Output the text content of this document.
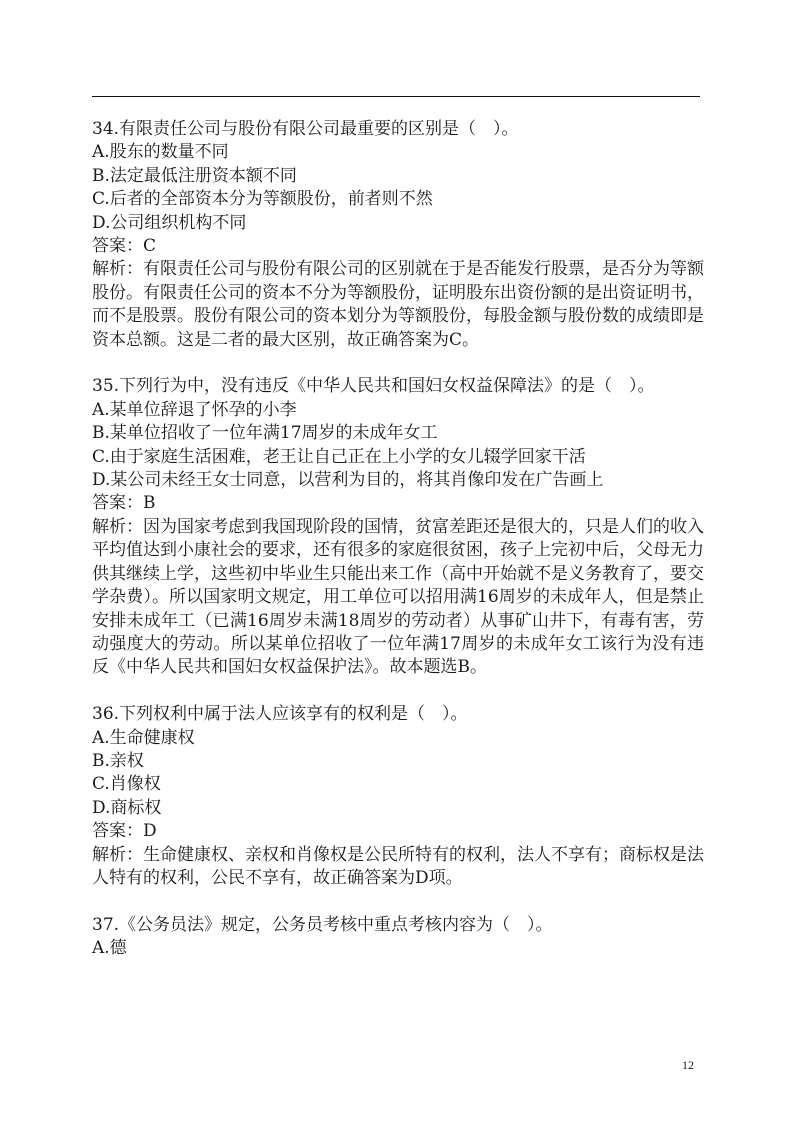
34.有限责任公司与股份有限公司最重要的区别是（　）。
A.股东的数量不同
B.法定最低注册资本额不同
C.后者的全部资本分为等额股份，前者则不然
D.公司组织机构不同
答案：C
解析：有限责任公司与股份有限公司的区别就在于是否能发行股票，是否分为等额股份。有限责任公司的资本不分为等额股份，证明股东出资份额的是出资证明书，而不是股票。股份有限公司的资本划分为等额股份，每股金额与股份数的成绩即是资本总额。这是二者的最大区别，故正确答案为C。
35.下列行为中，没有违反《中华人民共和国妇女权益保障法》的是（　）。
A.某单位辞退了怀孕的小李
B.某单位招收了一位年满17周岁的未成年女工
C.由于家庭生活困难，老王让自己正在上小学的女儿辍学回家干活
D.某公司未经王女士同意，以营利为目的，将其肖像印发在广告画上
答案：B
解析：因为国家考虑到我国现阶段的国情，贫富差距还是很大的，只是人们的收入平均值达到小康社会的要求，还有很多的家庭很贫困，孩子上完初中后，父母无力供其继续上学，这些初中毕业生只能出来工作（高中开始就不是义务教育了，要交学杂费）。所以国家明文规定，用工单位可以招用满16周岁的未成年人，但是禁止安排未成年工（已满16周岁未满18周岁的劳动者）从事矿山井下，有毒有害，劳动强度大的劳动。所以某单位招收了一位年满17周岁的未成年女工该行为没有违反《中华人民共和国妇女权益保护法》。故本题选B。
36.下列权利中属于法人应该享有的权利是（　）。
A.生命健康权
B.亲权
C.肖像权
D.商标权
答案：D
解析：生命健康权、亲权和肖像权是公民所特有的权利，法人不享有；商标权是法人特有的权利，公民不享有，故正确答案为D项。
37.《公务员法》规定，公务员考核中重点考核内容为（　）。
A.德
12
